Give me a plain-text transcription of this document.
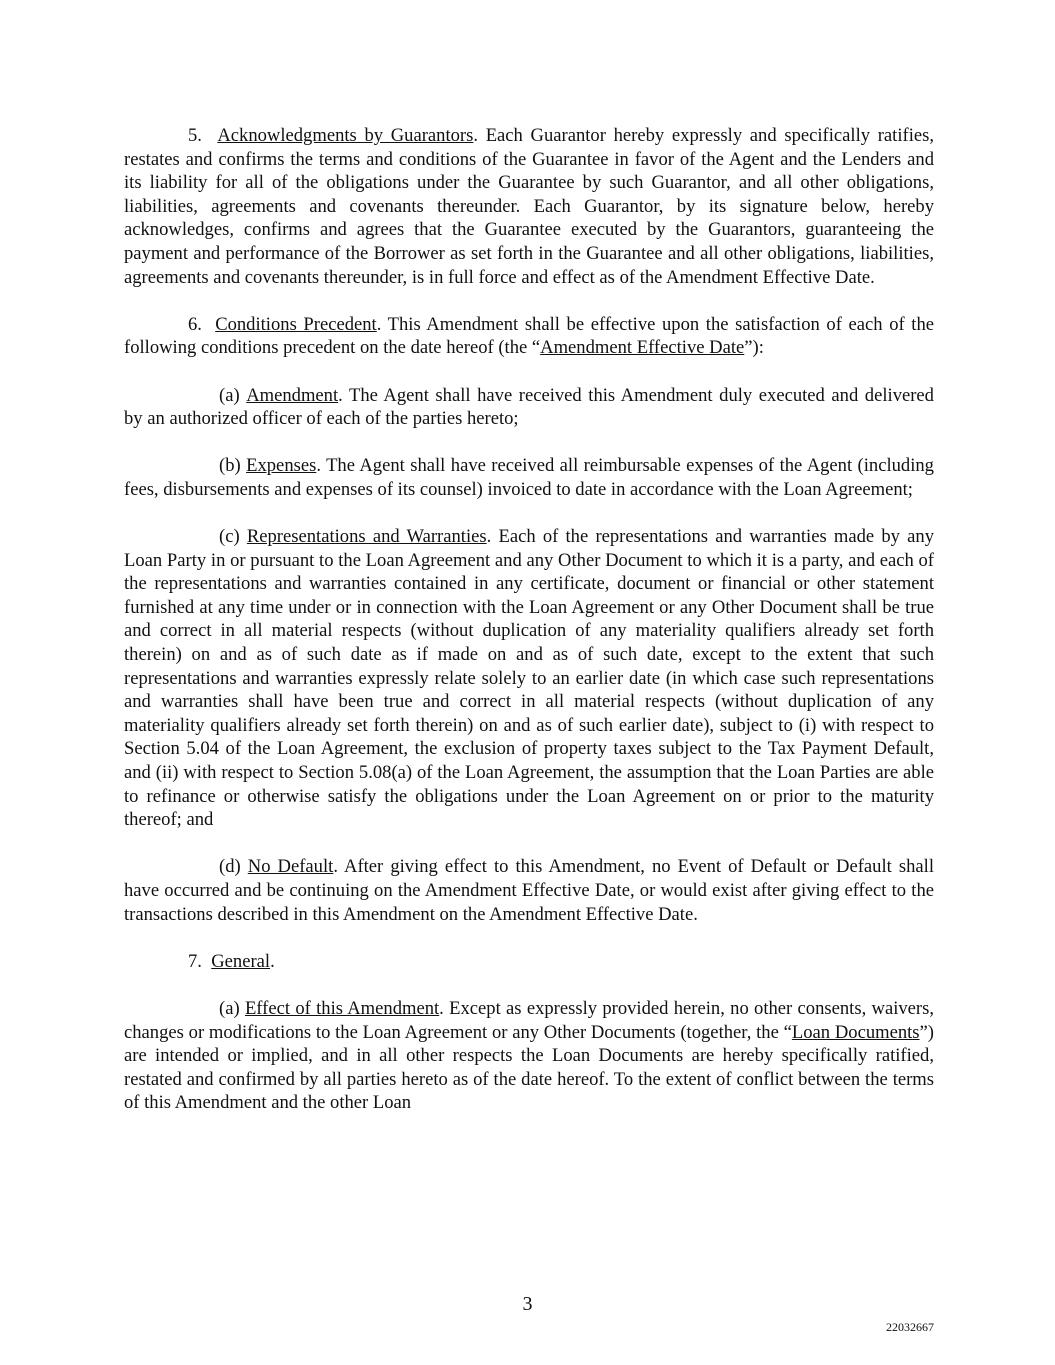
5. Acknowledgments by Guarantors. Each Guarantor hereby expressly and specifically ratifies, restates and confirms the terms and conditions of the Guarantee in favor of the Agent and the Lenders and its liability for all of the obligations under the Guarantee by such Guarantor, and all other obligations, liabilities, agreements and covenants thereunder. Each Guarantor, by its signature below, hereby acknowledges, confirms and agrees that the Guarantee executed by the Guarantors, guaranteeing the payment and performance of the Borrower as set forth in the Guarantee and all other obligations, liabilities, agreements and covenants thereunder, is in full force and effect as of the Amendment Effective Date.

6. Conditions Precedent. This Amendment shall be effective upon the satisfaction of each of the following conditions precedent on the date hereof (the “Amendment Effective Date”):

(a) Amendment. The Agent shall have received this Amendment duly executed and delivered by an authorized officer of each of the parties hereto;

(b) Expenses. The Agent shall have received all reimbursable expenses of the Agent (including fees, disbursements and expenses of its counsel) invoiced to date in accordance with the Loan Agreement;

(c) Representations and Warranties. Each of the representations and warranties made by any Loan Party in or pursuant to the Loan Agreement and any Other Document to which it is a party, and each of the representations and warranties contained in any certificate, document or financial or other statement furnished at any time under or in connection with the Loan Agreement or any Other Document shall be true and correct in all material respects (without duplication of any materiality qualifiers already set forth therein) on and as of such date as if made on and as of such date, except to the extent that such representations and warranties expressly relate solely to an earlier date (in which case such representations and warranties shall have been true and correct in all material respects (without duplication of any materiality qualifiers already set forth therein) on and as of such earlier date), subject to (i) with respect to Section 5.04 of the Loan Agreement, the exclusion of property taxes subject to the Tax Payment Default, and (ii) with respect to Section 5.08(a) of the Loan Agreement, the assumption that the Loan Parties are able to refinance or otherwise satisfy the obligations under the Loan Agreement on or prior to the maturity thereof; and

(d) No Default. After giving effect to this Amendment, no Event of Default or Default shall have occurred and be continuing on the Amendment Effective Date, or would exist after giving effect to the transactions described in this Amendment on the Amendment Effective Date.

7. General.

(a) Effect of this Amendment. Except as expressly provided herein, no other consents, waivers, changes or modifications to the Loan Agreement or any Other Documents (together, the “Loan Documents”) are intended or implied, and in all other respects the Loan Documents are hereby specifically ratified, restated and confirmed by all parties hereto as of the date hereof. To the extent of conflict between the terms of this Amendment and the other Loan

3
22032667
